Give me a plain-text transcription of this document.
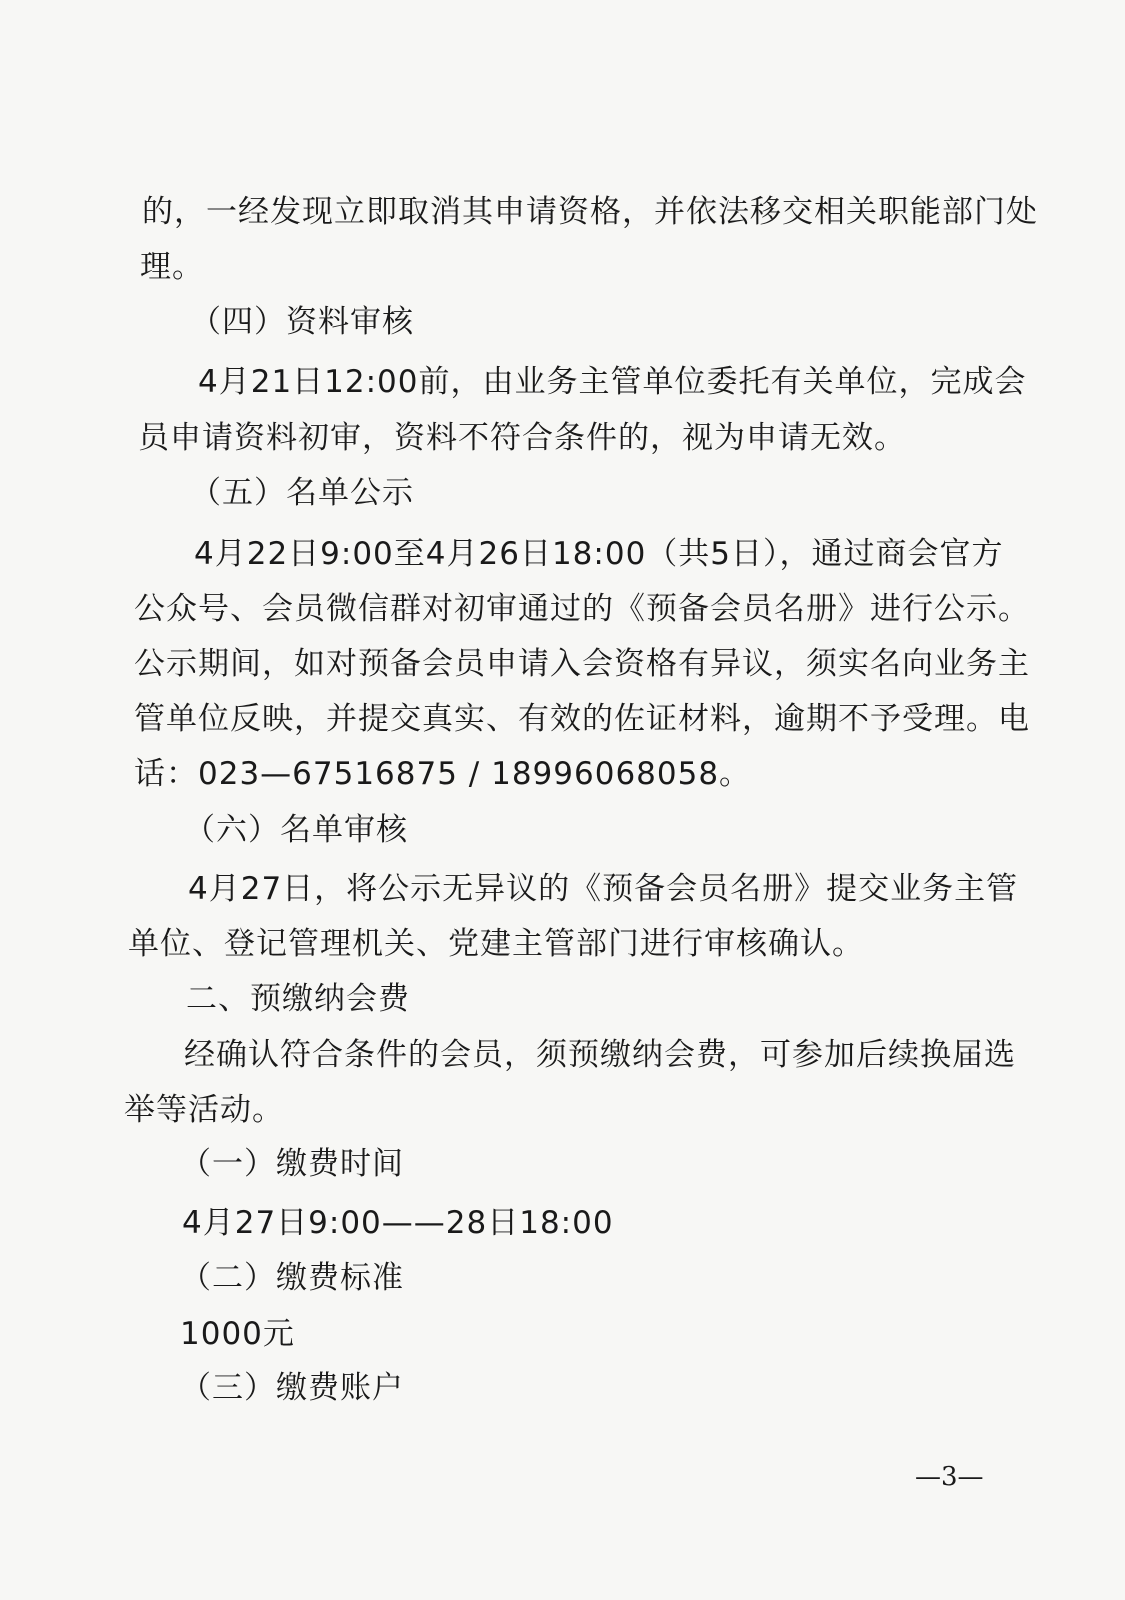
的，一经发现立即取消其申请资格，并依法移交相关职能部门处
理。
（四）资料审核
4月21日12:00前，由业务主管单位委托有关单位，完成会
员申请资料初审，资料不符合条件的，视为申请无效。
（五）名单公示
4月22日9:00至4月26日18:00（共5日），通过商会官方
公众号、会员微信群对初审通过的《预备会员名册》进行公示。
公示期间，如对预备会员申请入会资格有异议，须实名向业务主
管单位反映，并提交真实、有效的佐证材料，逾期不予受理。电
话：023—67516875 / 18996068058。
（六）名单审核
4月27日，将公示无异议的《预备会员名册》提交业务主管
单位、登记管理机关、党建主管部门进行审核确认。
二、预缴纳会费
经确认符合条件的会员，须预缴纳会费，可参加后续换届选
举等活动。
（一）缴费时间
4月27日9:00——28日18:00
（二）缴费标准
1000元
（三）缴费账户
—3—
